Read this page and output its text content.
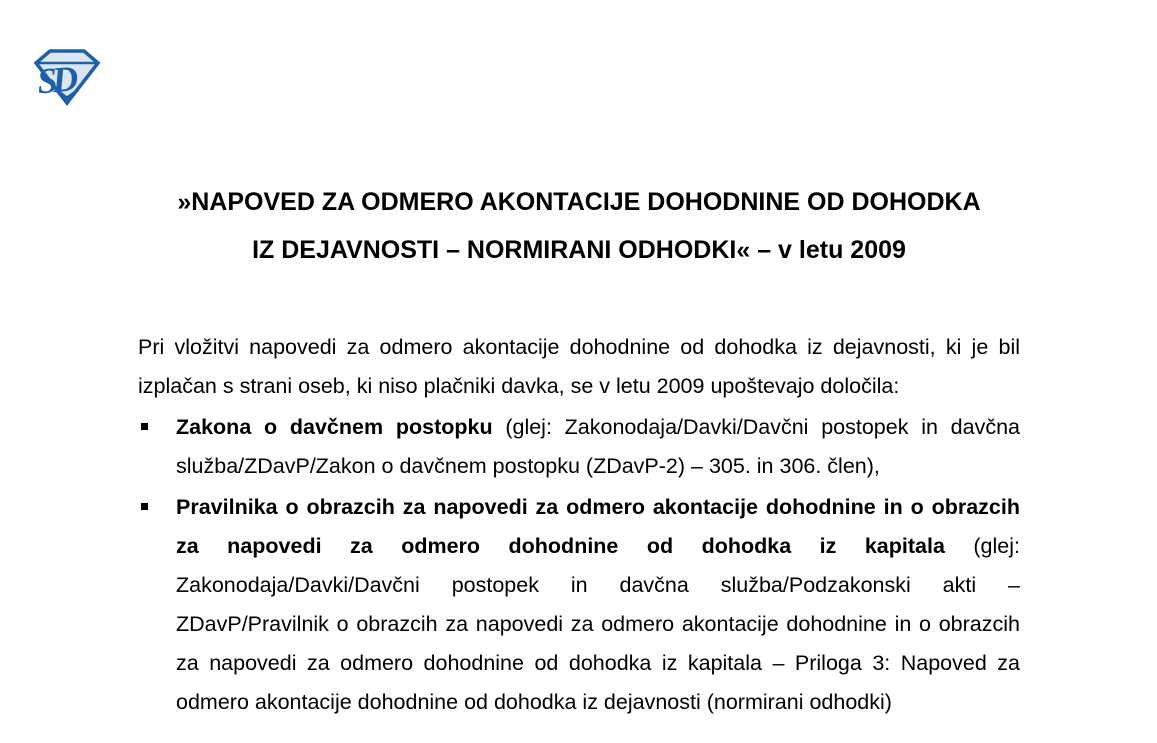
SD
»NAPOVED ZA ODMERO AKONTACIJE DOHODNINE OD DOHODKA
IZ DEJAVNOSTI – NORMIRANI ODHODKI« – v letu 2009

Pri vložitvi napovedi za odmero akontacije dohodnine od dohodka iz dejavnosti, ki je bil izplačan s strani oseb, ki niso plačniki davka, se v letu 2009 upoštevajo določila:

Zakona o davčnem postopku (glej: Zakonodaja/Davki/Davčni postopek in davčna služba/ZDavP/Zakon o davčnem postopku (ZDavP-2) – 305. in 306. člen),
Pravilnika o obrazcih za napovedi za odmero akontacije dohodnine in o obrazcih za napovedi za odmero dohodnine od dohodka iz kapitala (glej: Zakonodaja/Davki/Davčni postopek in davčna služba/Podzakonski akti – ZDavP/Pravilnik o obrazcih za napovedi za odmero akontacije dohodnine in o obrazcih za napovedi za odmero dohodnine od dohodka iz kapitala – Priloga 3: Napoved za odmero akontacije dohodnine od dohodka iz dejavnosti (normirani odhodki)
